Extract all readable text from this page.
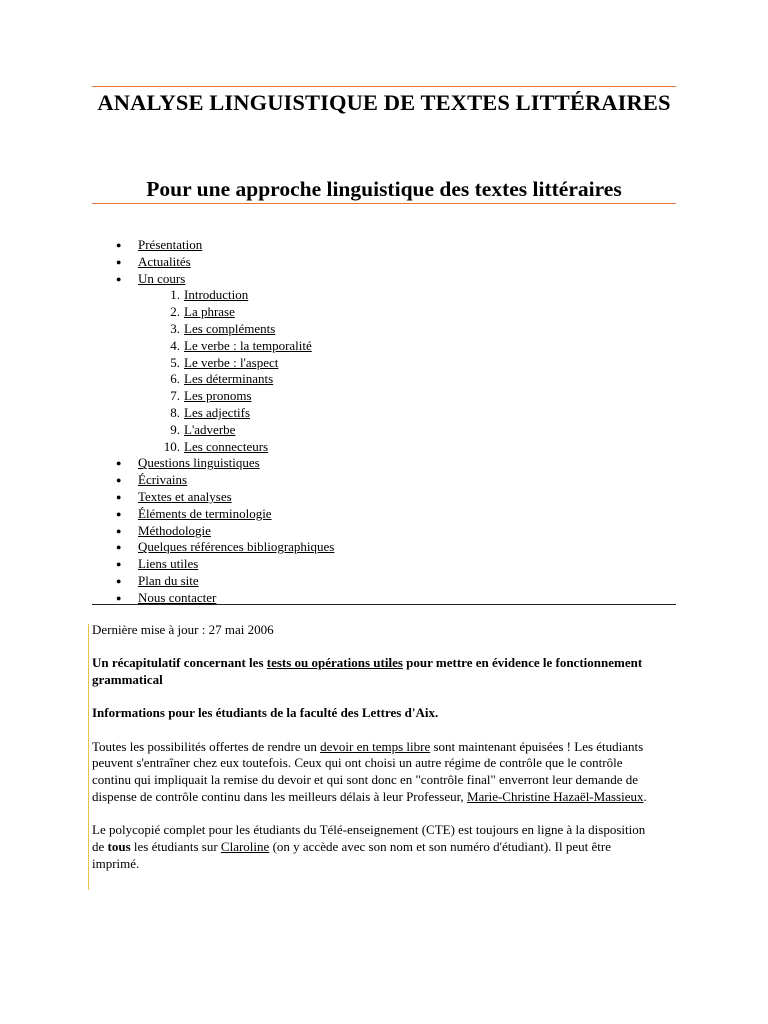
ANALYSE LINGUISTIQUE DE TEXTES LITTÉRAIRES
Pour une approche linguistique des textes littéraires
● Présentation
● Actualités
● Un cours
1. Introduction
2. La phrase
3. Les compléments
4. Le verbe : la temporalité
5. Le verbe : l'aspect
6. Les déterminants
7. Les pronoms
8. Les adjectifs
9. L'adverbe
10. Les connecteurs
● Questions linguistiques
● Écrivains
● Textes et analyses
● Éléments de terminologie
● Méthodologie
● Quelques références bibliographiques
● Liens utiles
● Plan du site
● Nous contacter

Dernière mise à jour : 27 mai 2006

Un récapitulatif concernant les tests ou opérations utiles pour mettre en évidence le fonctionnement grammatical

Informations pour les étudiants de la faculté des Lettres d'Aix.

Toutes les possibilités offertes de rendre un devoir en temps libre sont maintenant épuisées ! Les étudiants peuvent s'entraîner chez eux toutefois. Ceux qui ont choisi un autre régime de contrôle que le contrôle continu qui impliquait la remise du devoir et qui sont donc en "contrôle final" enverront leur demande de dispense de contrôle continu dans les meilleurs délais à leur Professeur, Marie-Christine Hazaël-Massieux.

Le polycopié complet pour les étudiants du Télé-enseignement (CTE) est toujours en ligne à la disposition de tous les étudiants sur Claroline (on y accède avec son nom et son numéro d'étudiant). Il peut être imprimé.
